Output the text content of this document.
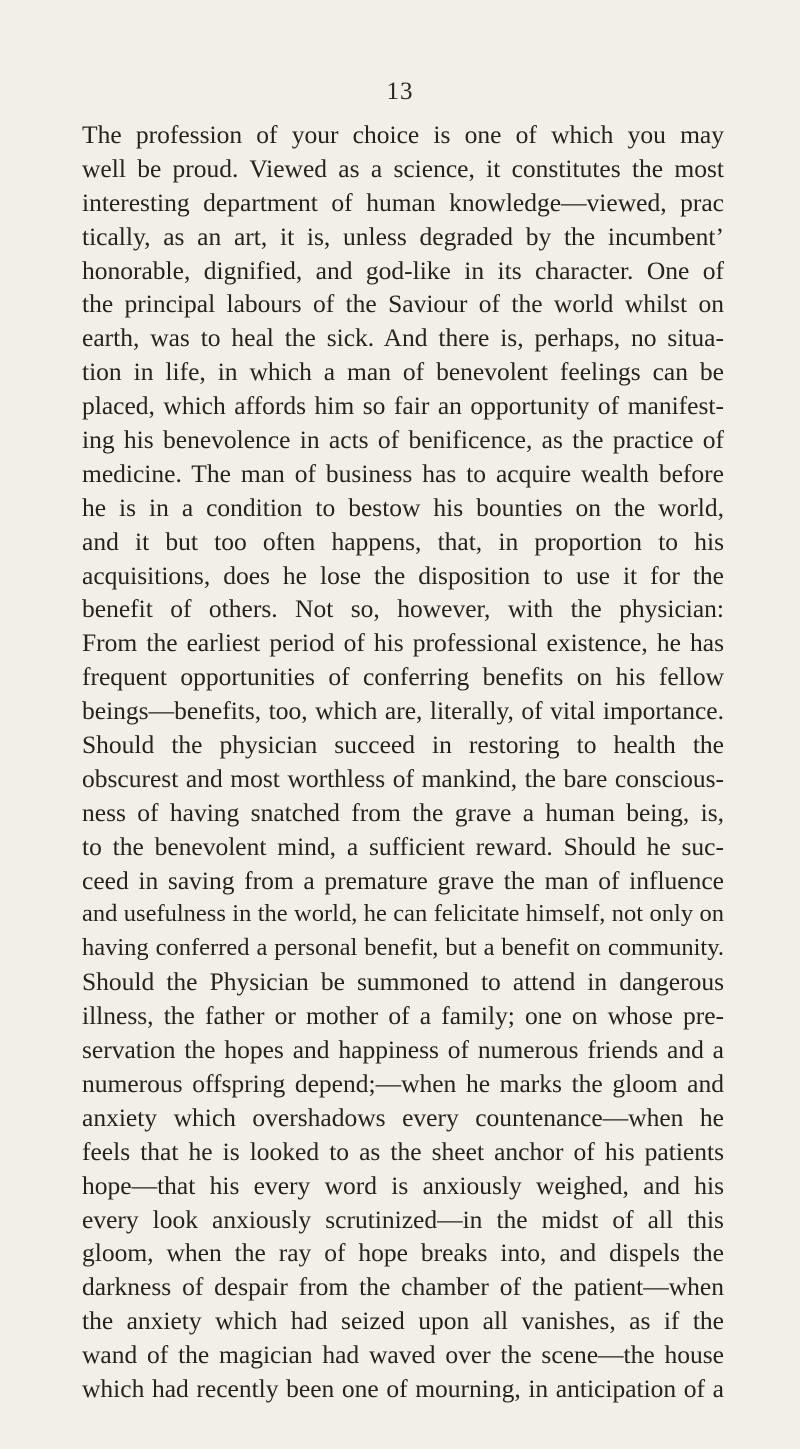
13
The profession of your choice is one of which you may
well be proud. Viewed as a science, it constitutes the most
interesting department of human knowledge—viewed, prac
tically, as an art, it is, unless degraded by the incumbent’
honorable, dignified, and god-like in its character. One of
the principal labours of the Saviour of the world whilst on
earth, was to heal the sick. And there is, perhaps, no situa-
tion in life, in which a man of benevolent feelings can be
placed, which affords him so fair an opportunity of manifest-
ing his benevolence in acts of benificence, as the practice of
medicine. The man of business has to acquire wealth before
he is in a condition to bestow his bounties on the world,
and it but too often happens, that, in proportion to his
acquisitions, does he lose the disposition to use it for the
benefit of others. Not so, however, with the physician:
From the earliest period of his professional existence, he has
frequent opportunities of conferring benefits on his fellow
beings—benefits, too, which are, literally, of vital importance.
Should the physician succeed in restoring to health the
obscurest and most worthless of mankind, the bare conscious-
ness of having snatched from the grave a human being, is,
to the benevolent mind, a sufficient reward. Should he suc-
ceed in saving from a premature grave the man of influence
and usefulness in the world, he can felicitate himself, not only on
having conferred a personal benefit, but a benefit on community.
Should the Physician be summoned to attend in dangerous
illness, the father or mother of a family; one on whose pre-
servation the hopes and happiness of numerous friends and a
numerous offspring depend;—when he marks the gloom and
anxiety which overshadows every countenance—when he
feels that he is looked to as the sheet anchor of his patients
hope—that his every word is anxiously weighed, and his
every look anxiously scrutinized—in the midst of all this
gloom, when the ray of hope breaks into, and dispels the
darkness of despair from the chamber of the patient—when
the anxiety which had seized upon all vanishes, as if the
wand of the magician had waved over the scene—the house
which had recently been one of mourning, in anticipation of a
